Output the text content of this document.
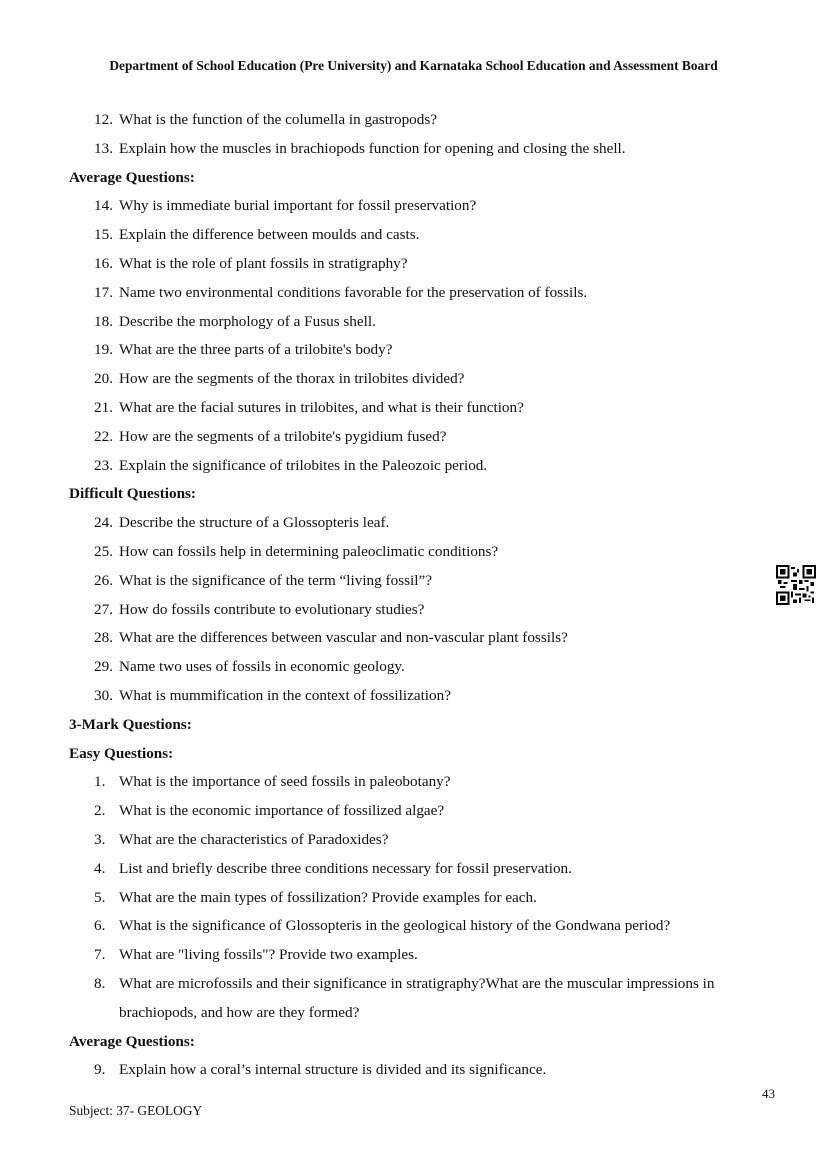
Department of School Education (Pre University) and Karnataka School Education and Assessment Board
12. What is the function of the columella in gastropods?
13. Explain how the muscles in brachiopods function for opening and closing the shell.
Average Questions:
14. Why is immediate burial important for fossil preservation?
15. Explain the difference between moulds and casts.
16. What is the role of plant fossils in stratigraphy?
17. Name two environmental conditions favorable for the preservation of fossils.
18. Describe the morphology of a Fusus shell.
19. What are the three parts of a trilobite's body?
20. How are the segments of the thorax in trilobites divided?
21. What are the facial sutures in trilobites, and what is their function?
22. How are the segments of a trilobite's pygidium fused?
23. Explain the significance of trilobites in the Paleozoic period.
Difficult Questions:
24. Describe the structure of a Glossopteris leaf.
25. How can fossils help in determining paleoclimatic conditions?
26. What is the significance of the term “living fossil”?
27. How do fossils contribute to evolutionary studies?
28. What are the differences between vascular and non-vascular plant fossils?
29. Name two uses of fossils in economic geology.
30. What is mummification in the context of fossilization?
3-Mark Questions:
Easy Questions:
1. What is the importance of seed fossils in paleobotany?
2. What is the economic importance of fossilized algae?
3. What are the characteristics of Paradoxides?
4. List and briefly describe three conditions necessary for fossil preservation.
5. What are the main types of fossilization? Provide examples for each.
6. What is the significance of Glossopteris in the geological history of the Gondwana period?
7. What are "living fossils"? Provide two examples.
8. What are microfossils and their significance in stratigraphy?What are the muscular impressions in brachiopods, and how are they formed?
Average Questions:
9. Explain how a coral’s internal structure is divided and its significance.
43
Subject: 37- GEOLOGY
